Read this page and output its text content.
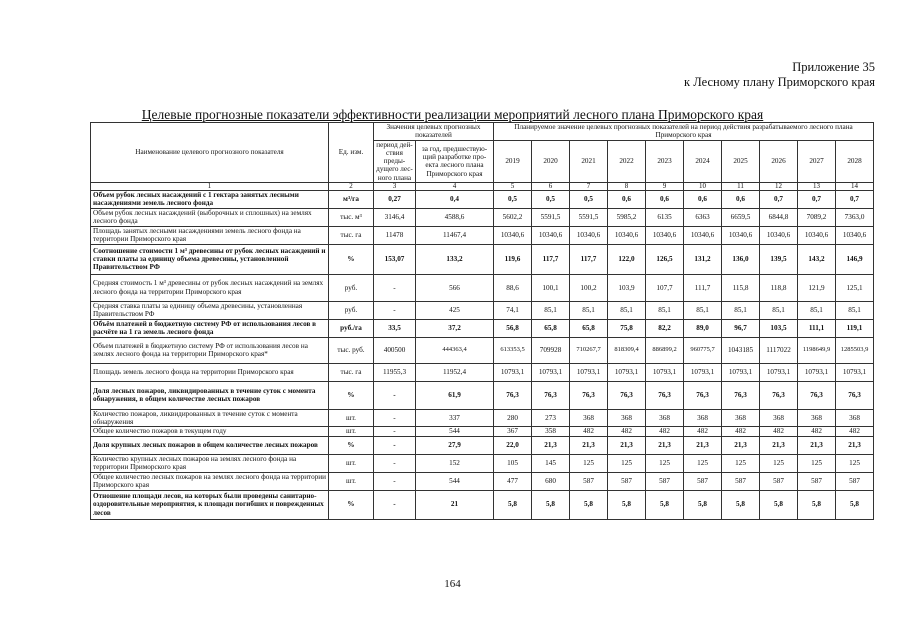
Приложение 35
к Лесному плану Приморского края
Целевые прогнозные показатели эффективности реализации мероприятий лесного плана Приморского края
Наименование целевого прогнозного показателя	Ед. изм.	Значения целевых прогнозных показателей		Планируемое значение целевых прогнозных показателей на период действия разрабатываемого лесного плана Приморского края									
		период дей-ствия преды-дущего лес-ного плана	за год, предшествую-щий разработке про-екта лесного плана Приморского края	2019	2020	2021	2022	2023	2024	2025	2026	2027	2028
1	2	3	4	5	6	7	8	9	10	11	12	13	14
Объем рубок лесных насаждений с 1 гектара занятых лесными насаждениями земель лесного фонда	м³/га	0,27	0,4	0,5	0,5	0,5	0,6	0,6	0,6	0,6	0,7	0,7	0,7
Объем рубок лесных насаждений (выборочных и сплошных) на землях лесного фонда	тыс. м³	3146,4	4588,6	5602,2	5591,5	5591,5	5985,2	6135	6363	6659,5	6844,8	7089,2	7363,0
Площадь занятых лесными насаждениями земель лесного фонда на территории Приморского края	тыс. га	11478	11467,4	10340,6	10340,6	10340,6	10340,6	10340,6	10340,6	10340,6	10340,6	10340,6	10340,6
Соотношение стоимости 1 м³ древесины от рубок лесных насаждений и ставки платы за единицу объема древесины, установленной Правительством РФ	%	153,07	133,2	119,6	117,7	117,7	122,0	126,5	131,2	136,0	139,5	143,2	146,9
Средняя стоимость 1 м³ древесины от рубок лесных насаждений на землях лесного фонда на территории Приморского края	руб.	-	566	88,6	100,1	100,2	103,9	107,7	111,7	115,8	118,8	121,9	125,1
Средняя ставка платы за единицу объема древесины, установленная Правительством РФ	руб.	-	425	74,1	85,1	85,1	85,1	85,1	85,1	85,1	85,1	85,1	85,1
Объём платежей в бюджетную систему РФ от использования лесов в расчёте на 1 га земель лесного фонда	руб./га	33,5	37,2	56,8	65,8	65,8	75,8	82,2	89,0	96,7	103,5	111,1	119,1
Объем платежей в бюджетную систему РФ от использования лесов на землях лесного фонда на территории Приморского края*	тыс. руб.	400500	444363,4	613353,5	709928	710267,7	818309,4	886899,2	960775,7	1043185	1117022	1198649,9	1285503,9
Площадь земель лесного фонда на территории Приморского края	тыс. га	11955,3	11952,4	10793,1	10793,1	10793,1	10793,1	10793,1	10793,1	10793,1	10793,1	10793,1	10793,1
Доля лесных пожаров, ликвидированных в течение суток с момента обнаружения, в общем количестве лесных пожаров	%	-	61,9	76,3	76,3	76,3	76,3	76,3	76,3	76,3	76,3	76,3	76,3
Количество пожаров, ликвидированных в течение суток с момента обнаружения	шт.	-	337	280	273	368	368	368	368	368	368	368	368
Общее количество пожаров в текущем году	шт.	-	544	367	358	482	482	482	482	482	482	482	482
Доля крупных лесных пожаров в общем количестве лесных пожаров	%	-	27,9	22,0	21,3	21,3	21,3	21,3	21,3	21,3	21,3	21,3	21,3
Количество крупных лесных пожаров на землях лесного фонда на территории Приморского края	шт.	-	152	105	145	125	125	125	125	125	125	125	125
Общее количество лесных пожаров на землях лесного фонда на территории Приморского края	шт.	-	544	477	680	587	587	587	587	587	587	587	587
Отношение площади лесов, на которых были проведены санитарно-оздоровительные мероприятия, к площади погибших и поврежденных лесов	%	-	21	5,8	5,8	5,8	5,8	5,8	5,8	5,8	5,8	5,8	5,8
164
